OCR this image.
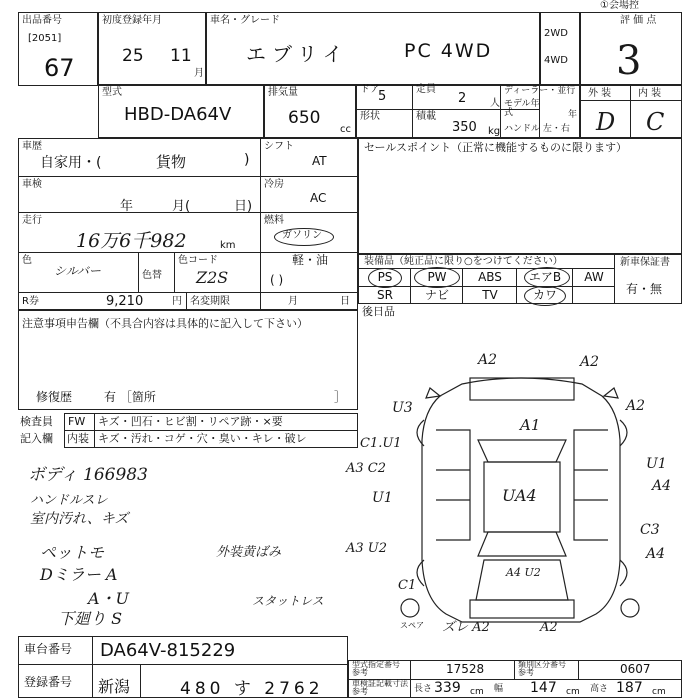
出品番号
[2051]
67
初度登録年月
25 11
月
車名・グレード
エブリイ	PC 4WD
2WD
4WD
評 価 点
3
①会場控
型式
HBD-DA64V
排気量
650
cc
ドア
5	定員
2 人
形状	積載
350 kg
ディーラー・並行
モデル年式	年
ハンドル 左・右
外 装	内 装
D C
車歴
自家用・(	貨物	)
シフト
AT
車検
年	月(	日)
冷房
AC
走行
16万6千982	km
燃料
ガソリン
軽・油
( )
色
シルバー	色替
色コード
Z2S
R券	9,210	円 名変期限	月	日
セールスポイント（正常に機能するものに限ります）
装備品（純正品に限り○をつけてください）	新車保証書
有・無
PS	PW	ABS	エアB	AW
SR	ナビ	TV	カワ
後日品
注意事項申告欄（不具合内容は具体的に記入して下さい）
修復歴	有 ［箇所	］
検査員
記入欄
FW キズ・凹石・ヒビ割・リペア跡・×要
内装 キズ・汚れ・コゲ・穴・臭い・キレ・破レ
ボディ 166983
ハンドルスレ
室内汚れ、キズ
ペットモ
Dミラー A
A・U
下廻り S
外装黄ばみ
スタットレス
A2	A2
U3	A2
A1
C1.U1
A3 C2
U1
U1
A4
UA4
C3
A3 U2	A4
C1
A4 U2
ズレ A2	A2
スペア
車台番号 DA64V-815229
登録番号 新潟	480 す 2762
型式指定番号 参考	17528	類別区分番号 参考	0607
車検証記載寸法 参考	長さ 339 cm 幅 147 cm 高さ 187 cm
